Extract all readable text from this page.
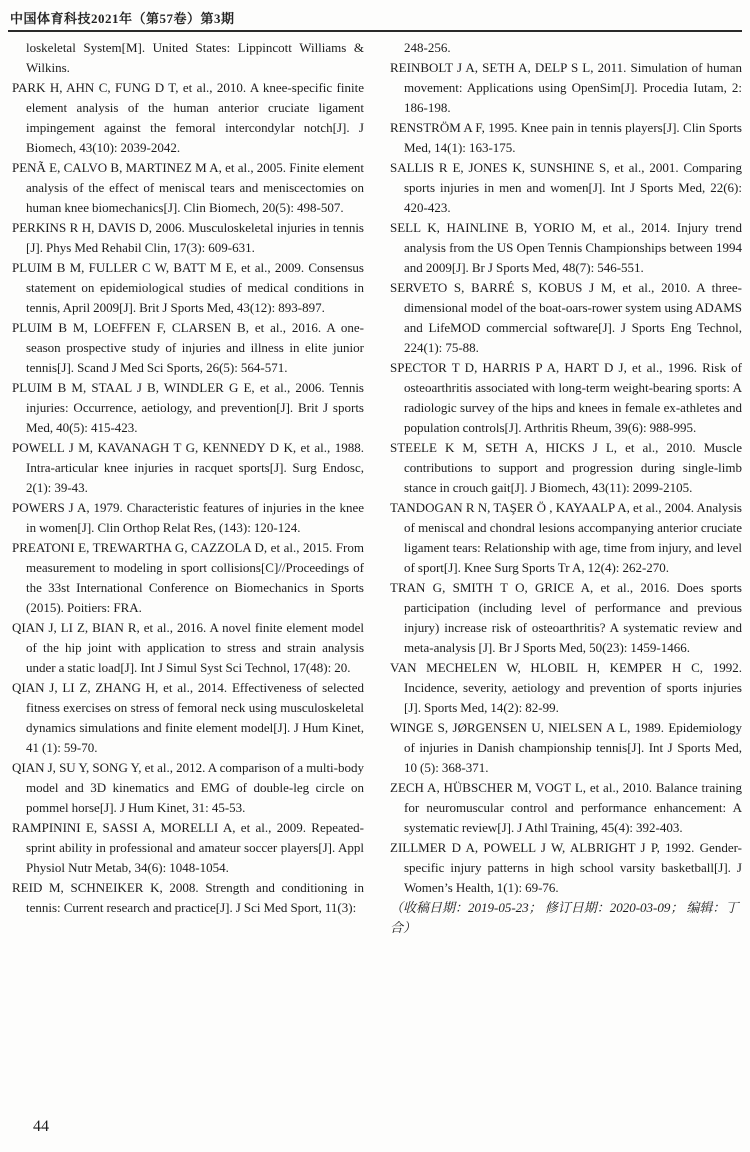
中国体育科技2021年（第57卷）第3期

loskeletal System[M]. United States: Lippincott Williams & Wilkins.

PARK H, AHN C, FUNG D T, et al., 2010. A knee-specific finite element analysis of the human anterior cruciate ligament impingement against the femoral intercondylar notch[J]. J Biomech, 43(10): 2039-2042.

PENÃ E, CALVO B, MARTINEZ M A, et al., 2005. Finite element analysis of the effect of meniscal tears and meniscectomies on human knee biomechanics[J]. Clin Biomech, 20(5): 498-507.

PERKINS R H, DAVIS D, 2006. Musculoskeletal injuries in tennis [J]. Phys Med Rehabil Clin, 17(3): 609-631.

PLUIM B M, FULLER C W, BATT M E, et al., 2009. Consensus statement on epidemiological studies of medical conditions in tennis, April 2009[J]. Brit J Sports Med, 43(12): 893-897.

PLUIM B M, LOEFFEN F, CLARSEN B, et al., 2016. A one-season prospective study of injuries and illness in elite junior tennis[J]. Scand J Med Sci Sports, 26(5): 564-571.

PLUIM B M, STAAL J B, WINDLER G E, et al., 2006. Tennis injuries: Occurrence, aetiology, and prevention[J]. Brit J sports Med, 40(5): 415-423.

POWELL J M, KAVANAGH T G, KENNEDY D K, et al., 1988. Intra-articular knee injuries in racquet sports[J]. Surg Endosc, 2(1): 39-43.

POWERS J A, 1979. Characteristic features of injuries in the knee in women[J]. Clin Orthop Relat Res, (143): 120-124.

PREATONI E, TREWARTHA G, CAZZOLA D, et al., 2015. From measurement to modeling in sport collisions[C]//Proceedings of the 33st International Conference on Biomechanics in Sports (2015). Poitiers: FRA.

QIAN J, LI Z, BIAN R, et al., 2016. A novel finite element model of the hip joint with application to stress and strain analysis under a static load[J]. Int J Simul Syst Sci Technol, 17(48): 20.

QIAN J, LI Z, ZHANG H, et al., 2014. Effectiveness of selected fitness exercises on stress of femoral neck using musculoskeletal dynamics simulations and finite element model[J]. J Hum Kinet, 41 (1): 59-70.

QIAN J, SU Y, SONG Y, et al., 2012. A comparison of a multi-body model and 3D kinematics and EMG of double-leg circle on pommel horse[J]. J Hum Kinet, 31: 45-53.

RAMPININI E, SASSI A, MORELLI A, et al., 2009. Repeated-sprint ability in professional and amateur soccer players[J]. Appl Physiol Nutr Metab, 34(6): 1048-1054.

REID M, SCHNEIKER K, 2008. Strength and conditioning in tennis: Current research and practice[J]. J Sci Med Sport, 11(3):

248-256.

REINBOLT J A, SETH A, DELP S L, 2011. Simulation of human movement: Applications using OpenSim[J]. Procedia Iutam, 2: 186-198.

RENSTRÖM A F, 1995. Knee pain in tennis players[J]. Clin Sports Med, 14(1): 163-175.

SALLIS R E, JONES K, SUNSHINE S, et al., 2001. Comparing sports injuries in men and women[J]. Int J Sports Med, 22(6): 420-423.

SELL K, HAINLINE B, YORIO M, et al., 2014. Injury trend analysis from the US Open Tennis Championships between 1994 and 2009[J]. Br J Sports Med, 48(7): 546-551.

SERVETO S, BARRÉ S, KOBUS J M, et al., 2010. A three-dimensional model of the boat-oars-rower system using ADAMS and LifeMOD commercial software[J]. J Sports Eng Technol, 224(1): 75-88.

SPECTOR T D, HARRIS P A, HART D J, et al., 1996. Risk of osteoarthritis associated with long-term weight-bearing sports: A radiologic survey of the hips and knees in female ex-athletes and population controls[J]. Arthritis Rheum, 39(6): 988-995.

STEELE K M, SETH A, HICKS J L, et al., 2010. Muscle contributions to support and progression during single-limb stance in crouch gait[J]. J Biomech, 43(11): 2099-2105.

TANDOGAN R N, TAŞER Ö , KAYAALP A, et al., 2004. Analysis of meniscal and chondral lesions accompanying anterior cruciate ligament tears: Relationship with age, time from injury, and level of sport[J]. Knee Surg Sports Tr A, 12(4): 262-270.

TRAN G, SMITH T O, GRICE A, et al., 2016. Does sports participation (including level of performance and previous injury) increase risk of osteoarthritis? A systematic review and meta-analysis [J]. Br J Sports Med, 50(23): 1459-1466.

VAN MECHELEN W, HLOBIL H, KEMPER H C, 1992. Incidence, severity, aetiology and prevention of sports injuries [J]. Sports Med, 14(2): 82-99.

WINGE S, JØRGENSEN U, NIELSEN A L, 1989. Epidemiology of injuries in Danish championship tennis[J]. Int J Sports Med, 10 (5): 368-371.

ZECH A, HÜBSCHER M, VOGT L, et al., 2010. Balance training for neuromuscular control and performance enhancement: A systematic review[J]. J Athl Training, 45(4): 392-403.

ZILLMER D A, POWELL J W, ALBRIGHT J P, 1992. Gender-specific injury patterns in high school varsity basketball[J]. J Women’s Health, 1(1): 69-76.

（收稿日期：2019-05-23； 修订日期：2020-03-09； 编辑：丁合）

44
